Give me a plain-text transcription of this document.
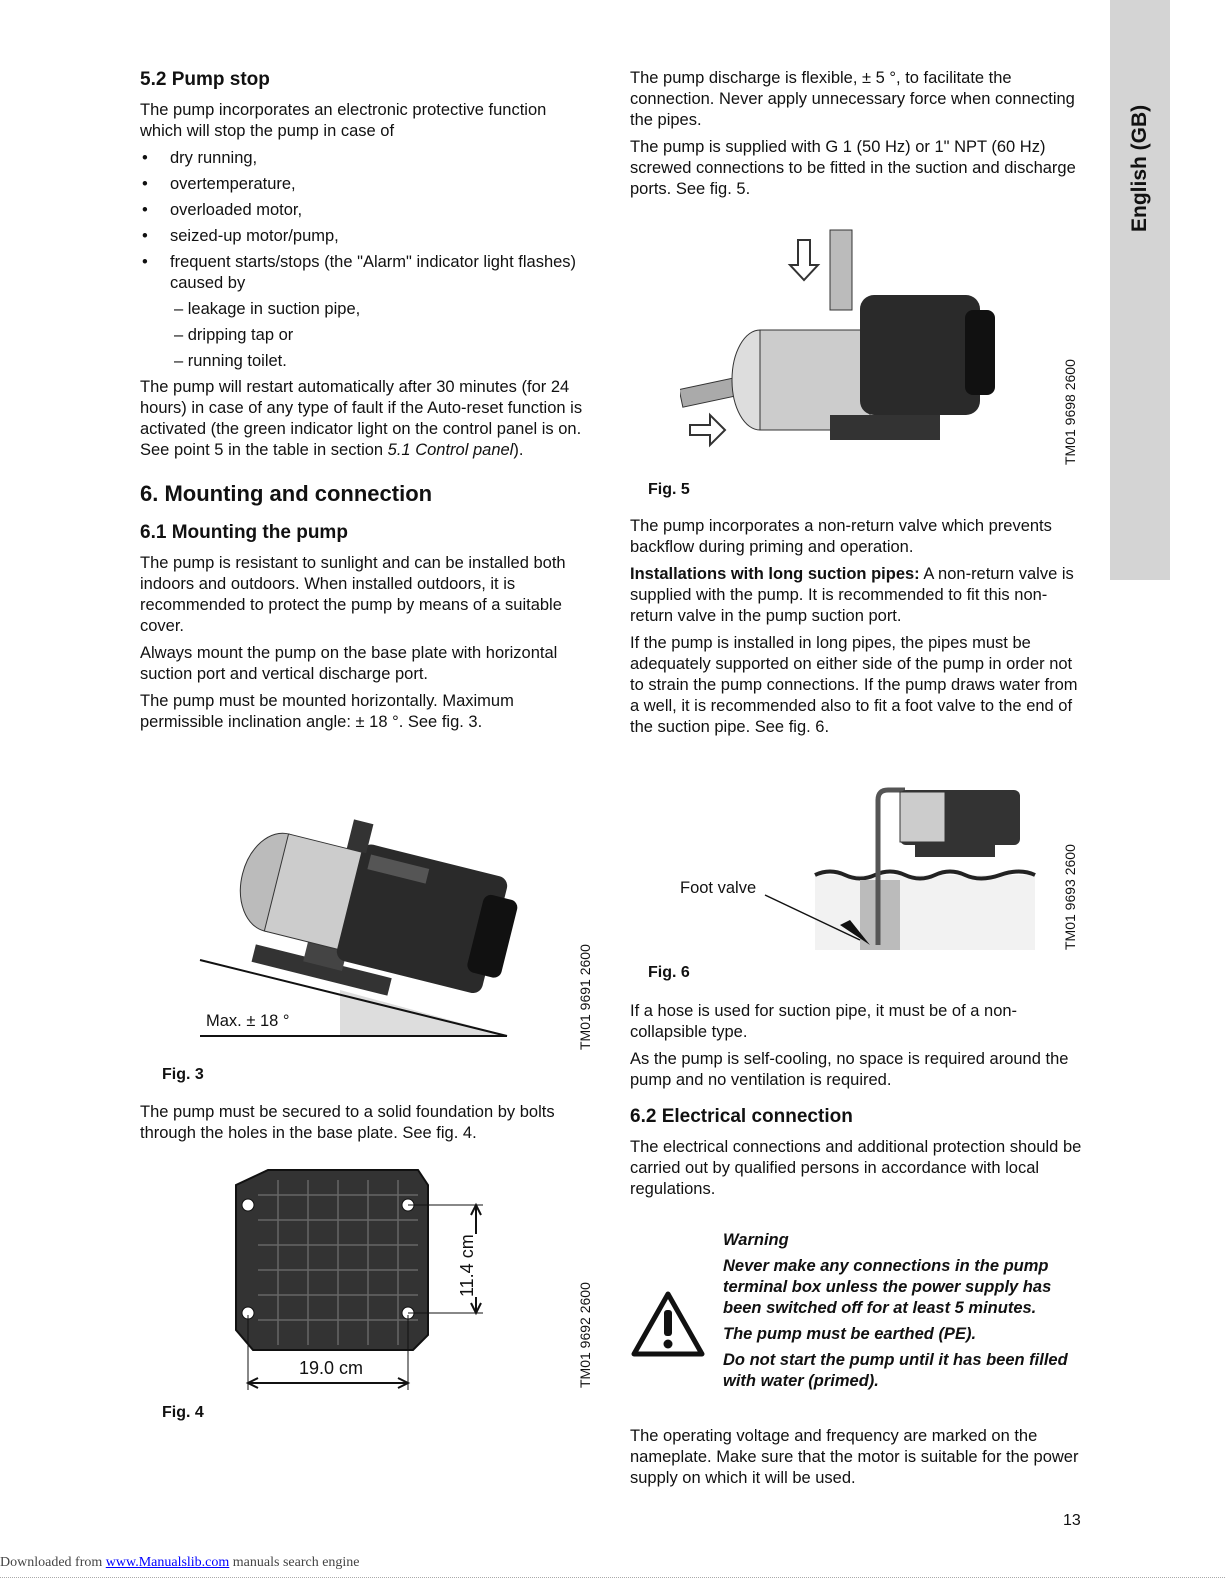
English (GB)
5.2 Pump stop

The pump incorporates an electronic protective function which will stop the pump in case of

• dry running,
• overtemperature,
• overloaded motor,
• seized-up motor/pump,
• frequent starts/stops (the "Alarm" indicator light flashes) caused by
– leakage in suction pipe,
– dripping tap or
– running toilet.

The pump will restart automatically after 30 minutes (for 24 hours) in case of any type of fault if the Auto-reset function is activated (the green indicator light on the control panel is on. See point 5 in the table in section 5.1 Control panel).

6. Mounting and connection
6.1 Mounting the pump

The pump is resistant to sunlight and can be installed both indoors and outdoors. When installed outdoors, it is recommended to protect the pump by means of a suitable cover.

Always mount the pump on the base plate with horizontal suction port and vertical discharge port.

The pump must be mounted horizontally. Maximum permissible inclination angle: ± 18 °. See fig. 3.

Max. ± 18 °	TM01 9691 2600
Fig. 3
The pump must be secured to a solid foundation by bolts through the holes in the base plate. See fig. 4.
11.4 cm
19.0 cm	TM01 9692 2600
Fig. 4

The pump discharge is flexible, ± 5 °, to facilitate the connection. Never apply unnecessary force when connecting the pipes.

The pump is supplied with G 1 (50 Hz) or 1" NPT (60 Hz) screwed connections to be fitted in the suction and discharge ports. See fig. 5.

TM01 9698 2600
Fig. 5

The pump incorporates a non-return valve which prevents backflow during priming and operation.

Installations with long suction pipes: A non-return valve is supplied with the pump. It is recommended to fit this non-return valve in the pump suction port.

If the pump is installed in long pipes, the pipes must be adequately supported on either side of the pump in order not to strain the pump connections. If the pump draws water from a well, it is recommended also to fit a foot valve to the end of the suction pipe. See fig. 6.

Foot valve	TM01 9693 2600
Fig. 6

If a hose is used for suction pipe, it must be of a non-collapsible type.

As the pump is self-cooling, no space is required around the pump and no ventilation is required.

6.2 Electrical connection

The electrical connections and additional protection should be carried out by qualified persons in accordance with local regulations.

Warning

Never make any connections in the pump terminal box unless the power supply has been switched off for at least 5 minutes.

The pump must be earthed (PE).

Do not start the pump until it has been filled with water (primed).

The operating voltage and frequency are marked on the nameplate. Make sure that the motor is suitable for the power supply on which it will be used.
13
Downloaded from www.Manualslib.com manuals search engine
